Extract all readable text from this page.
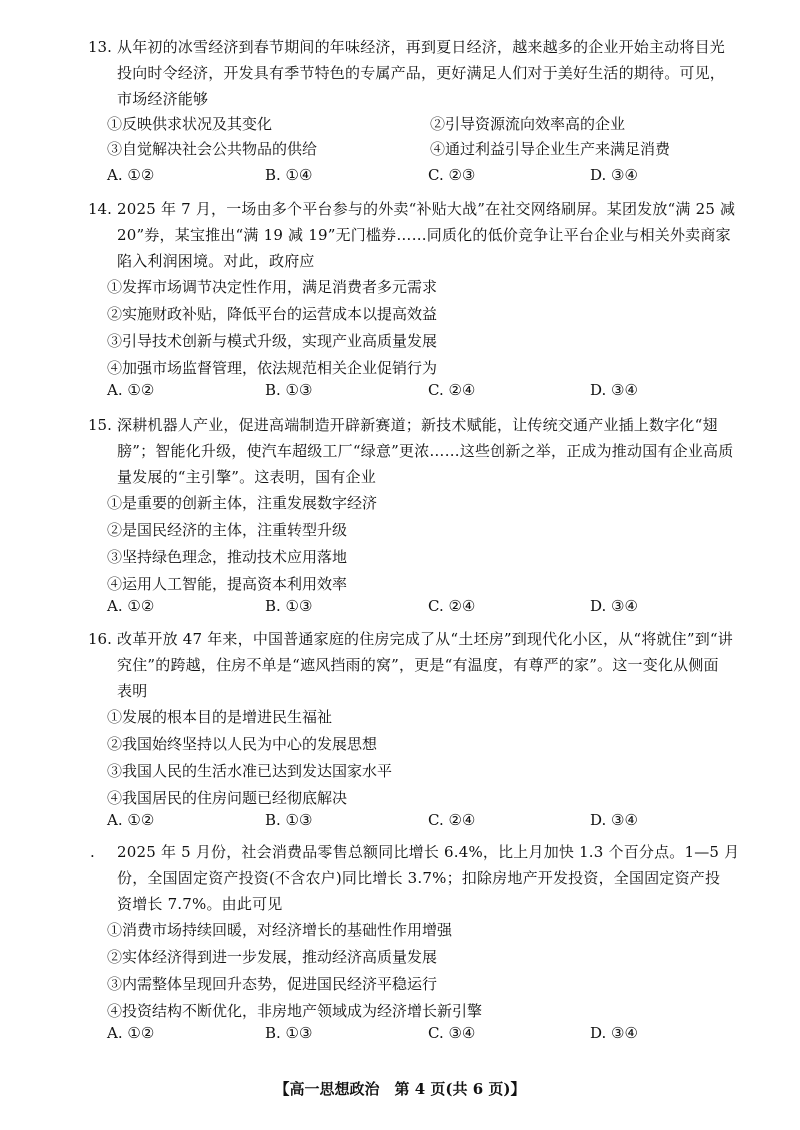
13. 从年初的冰雪经济到春节期间的年味经济，再到夏日经济，越来越多的企业开始主动将目光
投向时令经济，开发具有季节特色的专属产品，更好满足人们对于美好生活的期待。可见，
市场经济能够
①反映供求状况及其变化	②引导资源流向效率高的企业
③自觉解决社会公共物品的供给	④通过利益引导企业生产来满足消费
A. ①②	B. ①④	C. ②③	D. ③④
14. 2025 年 7 月，一场由多个平台参与的外卖“补贴大战”在社交网络刷屏。某团发放“满 25 减
20”券，某宝推出“满 19 减 19”无门槛券……同质化的低价竞争让平台企业与相关外卖商家
陷入利润困境。对此，政府应
①发挥市场调节决定性作用，满足消费者多元需求
②实施财政补贴，降低平台的运营成本以提高效益
③引导技术创新与模式升级，实现产业高质量发展
④加强市场监督管理，依法规范相关企业促销行为
A. ①②	B. ①③	C. ②④	D. ③④
15. 深耕机器人产业，促进高端制造开辟新赛道；新技术赋能，让传统交通产业插上数字化“翅
膀”；智能化升级，使汽车超级工厂“绿意”更浓……这些创新之举，正成为推动国有企业高质
量发展的“主引擎”。这表明，国有企业
①是重要的创新主体，注重发展数字经济
②是国民经济的主体，注重转型升级
③坚持绿色理念，推动技术应用落地
④运用人工智能，提高资本利用效率
A. ①②	B. ①③	C. ②④	D. ③④
16. 改革开放 47 年来，中国普通家庭的住房完成了从“土坯房”到现代化小区，从“将就住”到“讲
究住”的跨越，住房不单是“遮风挡雨的窝”，更是“有温度，有尊严的家”。这一变化从侧面
表明
①发展的根本目的是增进民生福祉
②我国始终坚持以人民为中心的发展思想
③我国人民的生活水准已达到发达国家水平
④我国居民的住房问题已经彻底解决
A. ①②	B. ①③	C. ②④	D. ③④
. 2025 年 5 月份，社会消费品零售总额同比增长 6.4%，比上月加快 1.3 个百分点。1—5 月
份，全国固定资产投资(不含农户)同比增长 3.7%；扣除房地产开发投资，全国固定资产投
资增长 7.7%。由此可见
①消费市场持续回暖，对经济增长的基础性作用增强
②实体经济得到进一步发展，推动经济高质量发展
③内需整体呈现回升态势，促进国民经济平稳运行
④投资结构不断优化，非房地产领域成为经济增长新引擎
A. ①②	B. ①③	C. ③④	D. ③④
【高一思想政治　第 4 页(共 6 页)】
